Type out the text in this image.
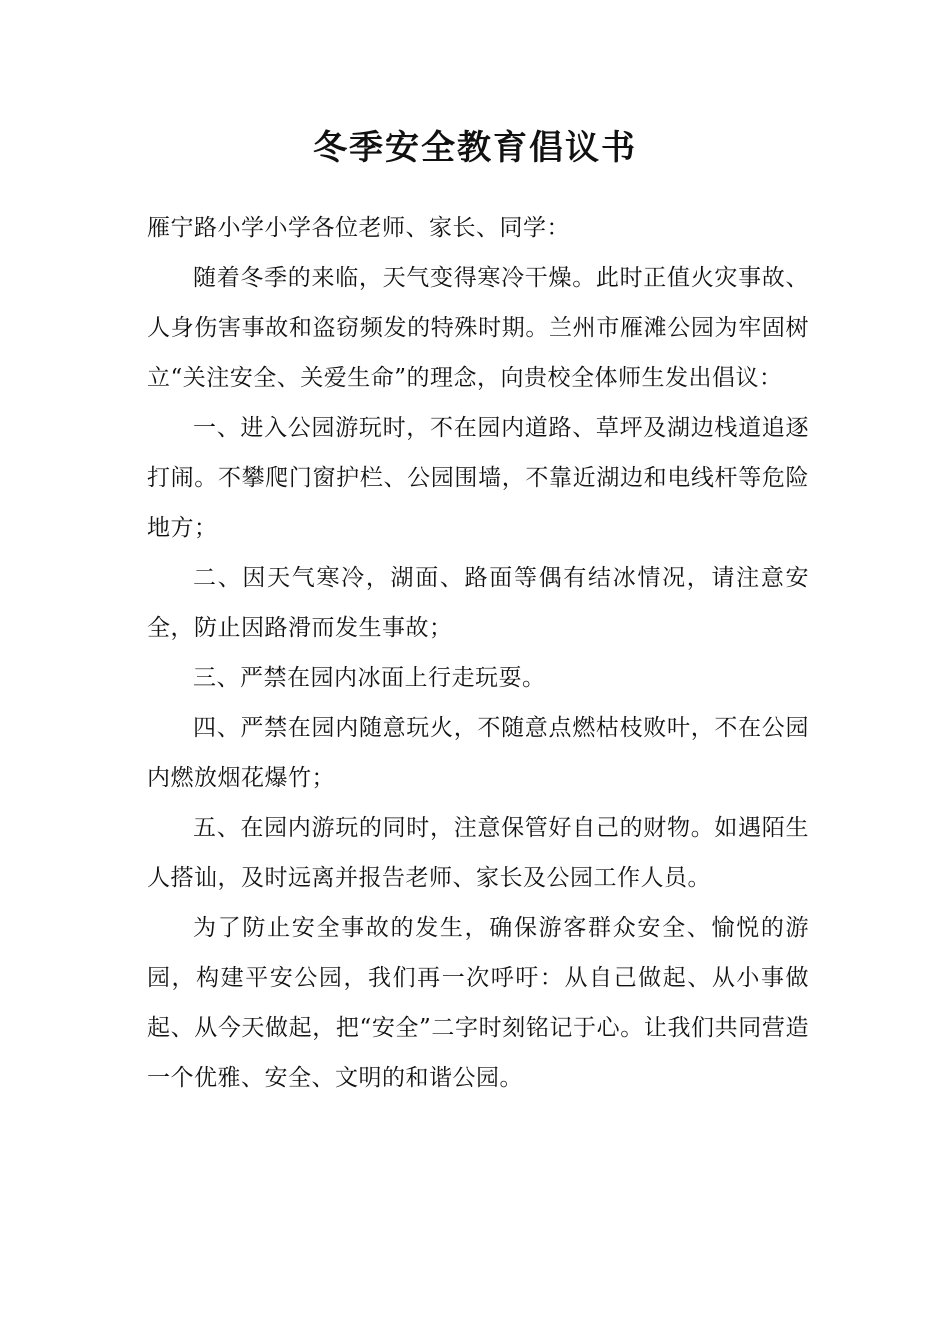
冬季安全教育倡议书

雁宁路小学小学各位老师、家长、同学：

随着冬季的来临，天气变得寒冷干燥。此时正值火灾事故、人身伤害事故和盗窃频发的特殊时期。兰州市雁滩公园为牢固树立“关注安全、关爱生命”的理念，向贵校全体师生发出倡议：

一、进入公园游玩时，不在园内道路、草坪及湖边栈道追逐打闹。不攀爬门窗护栏、公园围墙，不靠近湖边和电线杆等危险地方；

二、因天气寒冷，湖面、路面等偶有结冰情况，请注意安全，防止因路滑而发生事故；

三、严禁在园内冰面上行走玩耍。

四、严禁在园内随意玩火，不随意点燃枯枝败叶，不在公园内燃放烟花爆竹；

五、在园内游玩的同时，注意保管好自己的财物。如遇陌生人搭讪，及时远离并报告老师、家长及公园工作人员。

为了防止安全事故的发生，确保游客群众安全、愉悦的游园，构建平安公园，我们再一次呼吁：从自己做起、从小事做起、从今天做起，把“安全”二字时刻铭记于心。让我们共同营造一个优雅、安全、文明的和谐公园。
